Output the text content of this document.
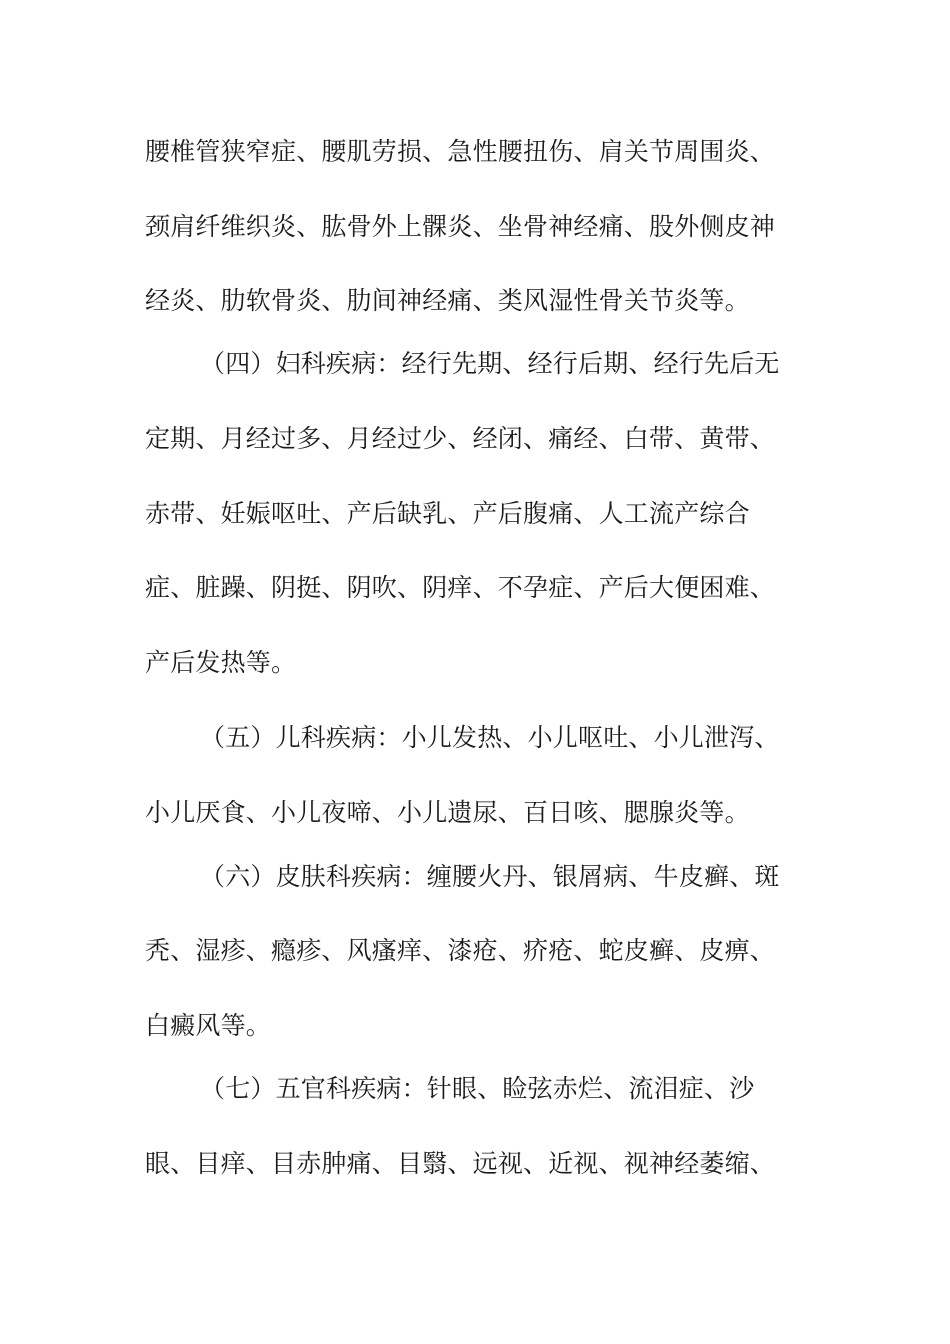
腰椎管狭窄症、腰肌劳损、急性腰扭伤、肩关节周围炎、
颈肩纤维织炎、肱骨外上髁炎、坐骨神经痛、股外侧皮神
经炎、肋软骨炎、肋间神经痛、类风湿性骨关节炎等。
（四）妇科疾病：经行先期、经行后期、经行先后无
定期、月经过多、月经过少、经闭、痛经、白带、黄带、
赤带、妊娠呕吐、产后缺乳、产后腹痛、人工流产综合
症、脏躁、阴挺、阴吹、阴痒、不孕症、产后大便困难、
产后发热等。
（五）儿科疾病：小儿发热、小儿呕吐、小儿泄泻、
小儿厌食、小儿夜啼、小儿遗尿、百日咳、腮腺炎等。
（六）皮肤科疾病：缠腰火丹、银屑病、牛皮癣、斑
秃、湿疹、瘾疹、风瘙痒、漆疮、疥疮、蛇皮癣、皮痹、
白癜风等。
（七）五官科疾病：针眼、睑弦赤烂、流泪症、沙
眼、目痒、目赤肿痛、目翳、远视、近视、视神经萎缩、
